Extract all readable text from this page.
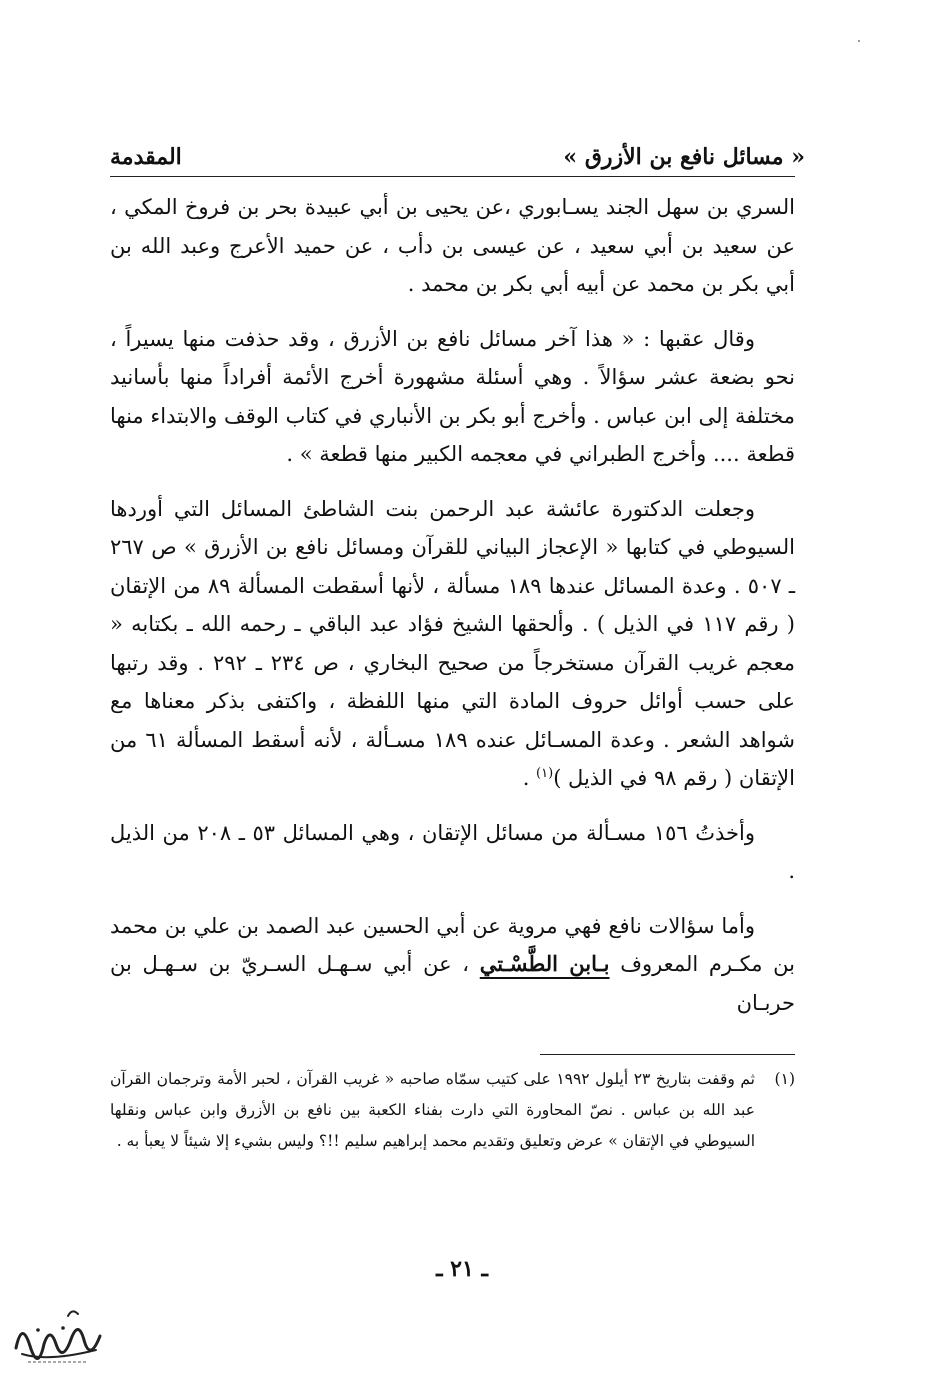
« مسائل نافع بن الأزرق »
المقدمة

السري بن سهل الجند يسـابوري ،عن يحيى بن أبي عبيدة بحر بن فروخ المكي ، عن سعيد بن أبي سعيد ، عن عيسى بن دأب ، عن حميد الأعرج وعبد الله بن أبي بكر بن محمد عن أبيه أبي بكر بن محمد .

وقال عقبها : « هذا آخر مسائل نافع بن الأزرق ، وقد حذفت منها يسيراً ، نحو بضعة عشر سؤالاً . وهي أسئلة مشهورة أخرج الأئمة أفراداً منها بأسانيد مختلفة إلى ابن عباس . وأخرج أبو بكر بن الأنباري في كتاب الوقف والابتداء منها قطعة .... وأخرج الطبراني في معجمه الكبير منها قطعة » .

وجعلت الدكتورة عائشة عبد الرحمن بنت الشاطئ المسائل التي أوردها السيوطي في كتابها « الإعجاز البياني للقرآن ومسائل نافع بن الأزرق » ص ٢٦٧ ـ ٥٠٧ . وعدة المسائل عندها ١٨٩ مسألة ، لأنها أسقطت المسألة ٨٩ من الإتقان ( رقم ١١٧ في الذيل ) . وألحقها الشيخ فؤاد عبد الباقي ـ رحمه الله ـ بكتابه « معجم غريب القرآن مستخرجاً من صحيح البخاري ، ص ٢٣٤ ـ ٢٩٢ . وقد رتبها على حسب أوائل حروف المادة التي منها اللفظة ، واكتفى بذكر معناها مع شواهد الشعر . وعدة المسـائل عنده ١٨٩ مسـألة ، لأنه أسقط المسألة ٦١ من الإتقان ( رقم ٩٨ في الذيل )$^{(١)}$ .

وأخذتُ ١٥٦ مسـألة من مسائل الإتقان ، وهي المسائل ٥٣ ـ ٢٠٨ من الذيل .

وأما سؤالات نافع فهي مروية عن أبي الحسين عبد الصمد بن علي بن محمد بن مكـرم المعروف بـابن الطَّسْـتي ، عن أبي سـهـل السـريّ بن سـهـل بن حربـان

(١)
ثم وقفت بتاريخ ٢٣ أيلول ١٩٩٢ على كتيب سمّاه صاحبه « غريب القرآن ، لحبر الأمة وترجمان القرآن عبد الله بن عباس . نصّ المحاورة التي دارت بفناء الكعبة بين نافع بن الأزرق وابن عباس ونقلها السيوطي في الإتقان » عرض وتعليق وتقديم محمد إبراهيم سليم !!؟ وليس بشيء إلا شيئاً لا يعبأ به .
ـ ٢١ ـ
